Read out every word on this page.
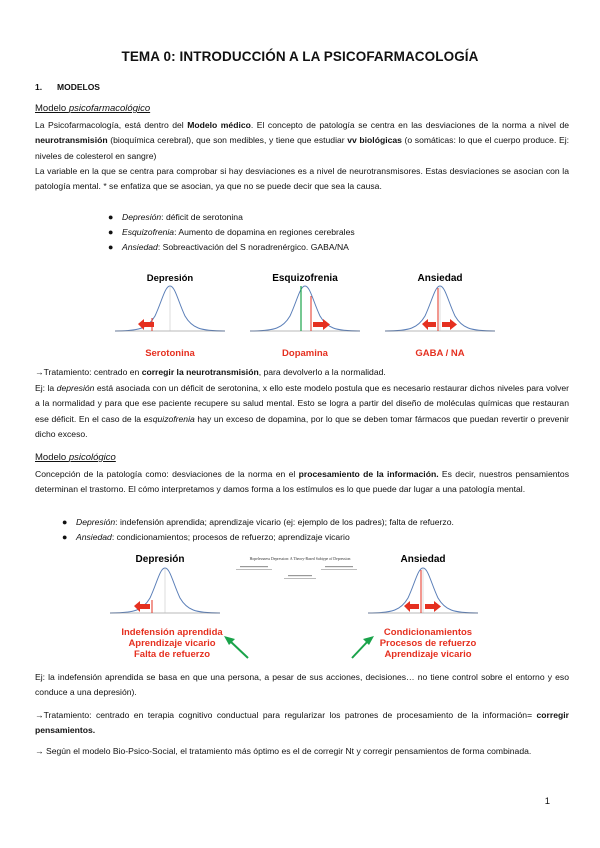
TEMA 0: INTRODUCCIÓN A LA PSICOFARMACOLOGÍA
1. MODELOS
Modelo psicofarmacológico
La Psicofarmacología, está dentro del Modelo médico. El concepto de patología se centra en las desviaciones de la norma a nivel de neurotransmisión (bioquímica cerebral), que son medibles, y tiene que estudiar vv biológicas (o somáticas: lo que el cuerpo produce. Ej: niveles de colesterol en sangre)
La variable en la que se centra para comprobar si hay desviaciones es a nivel de neurotransmisores. Estas desviaciones se asocian con la patología mental. * se enfatiza que se asocian, ya que no se puede decir que sea la causa.
● Depresión: déficit de serotonina
● Esquizofrenia: Aumento de dopamina en regiones cerebrales
● Ansiedad: Sobreactivación del S noradrenérgico. GABA/NA
Depresión
Serotonina
Esquizofrenia
Dopamina
Ansiedad
GABA / NA
→Tratamiento: centrado en corregir la neurotransmisión, para devolverlo a la normalidad.
Ej: la depresión está asociada con un déficit de serotonina, x ello este modelo postula que es necesario restaurar dichos niveles para volver a la normalidad y para que ese paciente recupere su salud mental. Esto se logra a partir del diseño de moléculas químicas que restauran ese déficit. En el caso de la esquizofrenia hay un exceso de dopamina, por lo que se deben tomar fármacos que puedan revertir o prevenir dicho exceso.
Modelo psicológico
Concepción de la patología como: desviaciones de la norma en el procesamiento de la información. Es decir, nuestros pensamientos determinan el trastorno. El cómo interpretamos y damos forma a los estímulos es lo que puede dar lugar a una patología mental.
● Depresión: indefensión aprendida; aprendizaje vicario (ej: ejemplo de los padres); falta de refuerzo.
● Ansiedad: condicionamientos; procesos de refuerzo; aprendizaje vicario
Depresión	Hopelessness Depression: A Theory-Based Subtype of Depression	Ansiedad
Indefensión aprendida
Aprendizaje vicario
Falta de refuerzo
Condicionamientos
Procesos de refuerzo
Aprendizaje vicario
Ej: la indefensión aprendida se basa en que una persona, a pesar de sus acciones, decisiones… no tiene control sobre el entorno y eso conduce a una depresión).
→Tratamiento: centrado en terapia cognitivo conductual para regularizar los patrones de procesamiento de la información= corregir pensamientos.
→ Según el modelo Bio-Psico-Social, el tratamiento más óptimo es el de corregir Nt y corregir pensamientos de forma combinada.
1
